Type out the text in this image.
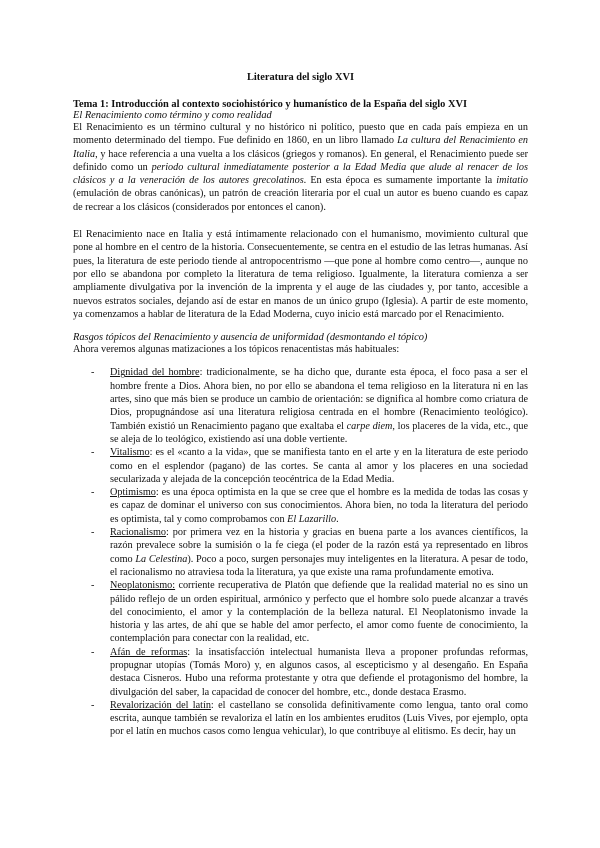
Literatura del siglo XVI
Tema 1: Introducción al contexto sociohistórico y humanístico de la España del siglo XVI
El Renacimiento como término y como realidad

El Renacimiento es un término cultural y no histórico ni político, puesto que en cada país empieza en un momento determinado del tiempo. Fue definido en 1860, en un libro llamado La cultura del Renacimiento en Italia, y hace referencia a una vuelta a los clásicos (griegos y romanos). En general, el Renacimiento puede ser definido como un periodo cultural inmediatamente posterior a la Edad Media que alude al renacer de los clásicos y a la veneración de los autores grecolatinos. En esta época es sumamente importante la imitatio (emulación de obras canónicas), un patrón de creación literaria por el cual un autor es bueno cuando es capaz de recrear a los clásicos (considerados por entonces el canon).

El Renacimiento nace en Italia y está íntimamente relacionado con el humanismo, movimiento cultural que pone al hombre en el centro de la historia. Consecuentemente, se centra en el estudio de las letras humanas. Así pues, la literatura de este periodo tiende al antropocentrismo —que pone al hombre como centro—, aunque no por ello se abandona por completo la literatura de tema religioso. Igualmente, la literatura comienza a ser ampliamente divulgativa por la invención de la imprenta y el auge de las ciudades y, por tanto, accesible a nuevos estratos sociales, dejando así de estar en manos de un único grupo (Iglesia). A partir de este momento, ya comenzamos a hablar de literatura de la Edad Moderna, cuyo inicio está marcado por el Renacimiento.

Rasgos tópicos del Renacimiento y ausencia de uniformidad (desmontando el tópico)

Ahora veremos algunas matizaciones a los tópicos renacentistas más habituales:

- Dignidad del hombre: tradicionalmente, se ha dicho que, durante esta época, el foco pasa a ser el hombre frente a Dios. Ahora bien, no por ello se abandona el tema religioso en la literatura ni en las artes, sino que más bien se produce un cambio de orientación: se dignifica al hombre como criatura de Dios, propugnándose así una literatura religiosa centrada en el hombre (Renacimiento teológico). También existió un Renacimiento pagano que exaltaba el carpe diem, los placeres de la vida, etc., que se aleja de lo teológico, existiendo así una doble vertiente.
- Vitalismo: es el «canto a la vida», que se manifiesta tanto en el arte y en la literatura de este periodo como en el esplendor (pagano) de las cortes. Se canta al amor y los placeres en una sociedad secularizada y alejada de la concepción teocéntrica de la Edad Media.
- Optimismo: es una época optimista en la que se cree que el hombre es la medida de todas las cosas y es capaz de dominar el universo con sus conocimientos. Ahora bien, no toda la literatura del periodo es optimista, tal y como comprobamos con El Lazarillo.
- Racionalismo: por primera vez en la historia y gracias en buena parte a los avances científicos, la razón prevalece sobre la sumisión o la fe ciega (el poder de la razón está ya representado en libros como La Celestina). Poco a poco, surgen personajes muy inteligentes en la literatura. A pesar de todo, el racionalismo no atraviesa toda la literatura, ya que existe una rama profundamente emotiva.
- Neoplatonismo: corriente recuperativa de Platón que defiende que la realidad material no es sino un pálido reflejo de un orden espiritual, armónico y perfecto que el hombre solo puede alcanzar a través del conocimiento, el amor y la contemplación de la belleza natural. El Neoplatonismo invade la historia y las artes, de ahí que se hable del amor perfecto, el amor como fuente de conocimiento, la contemplación para conectar con la realidad, etc.
- Afán de reformas: la insatisfacción intelectual humanista lleva a proponer profundas reformas, propugnar utopías (Tomás Moro) y, en algunos casos, al escepticismo y al desengaño. En España destaca Cisneros. Hubo una reforma protestante y otra que defiende el protagonismo del hombre, la divulgación del saber, la capacidad de conocer del hombre, etc., donde destaca Erasmo.
- Revalorización del latín: el castellano se consolida definitivamente como lengua, tanto oral como escrita, aunque también se revaloriza el latín en los ambientes eruditos (Luis Vives, por ejemplo, opta por el latín en muchos casos como lengua vehicular), lo que contribuye al elitismo. Es decir, hay un
